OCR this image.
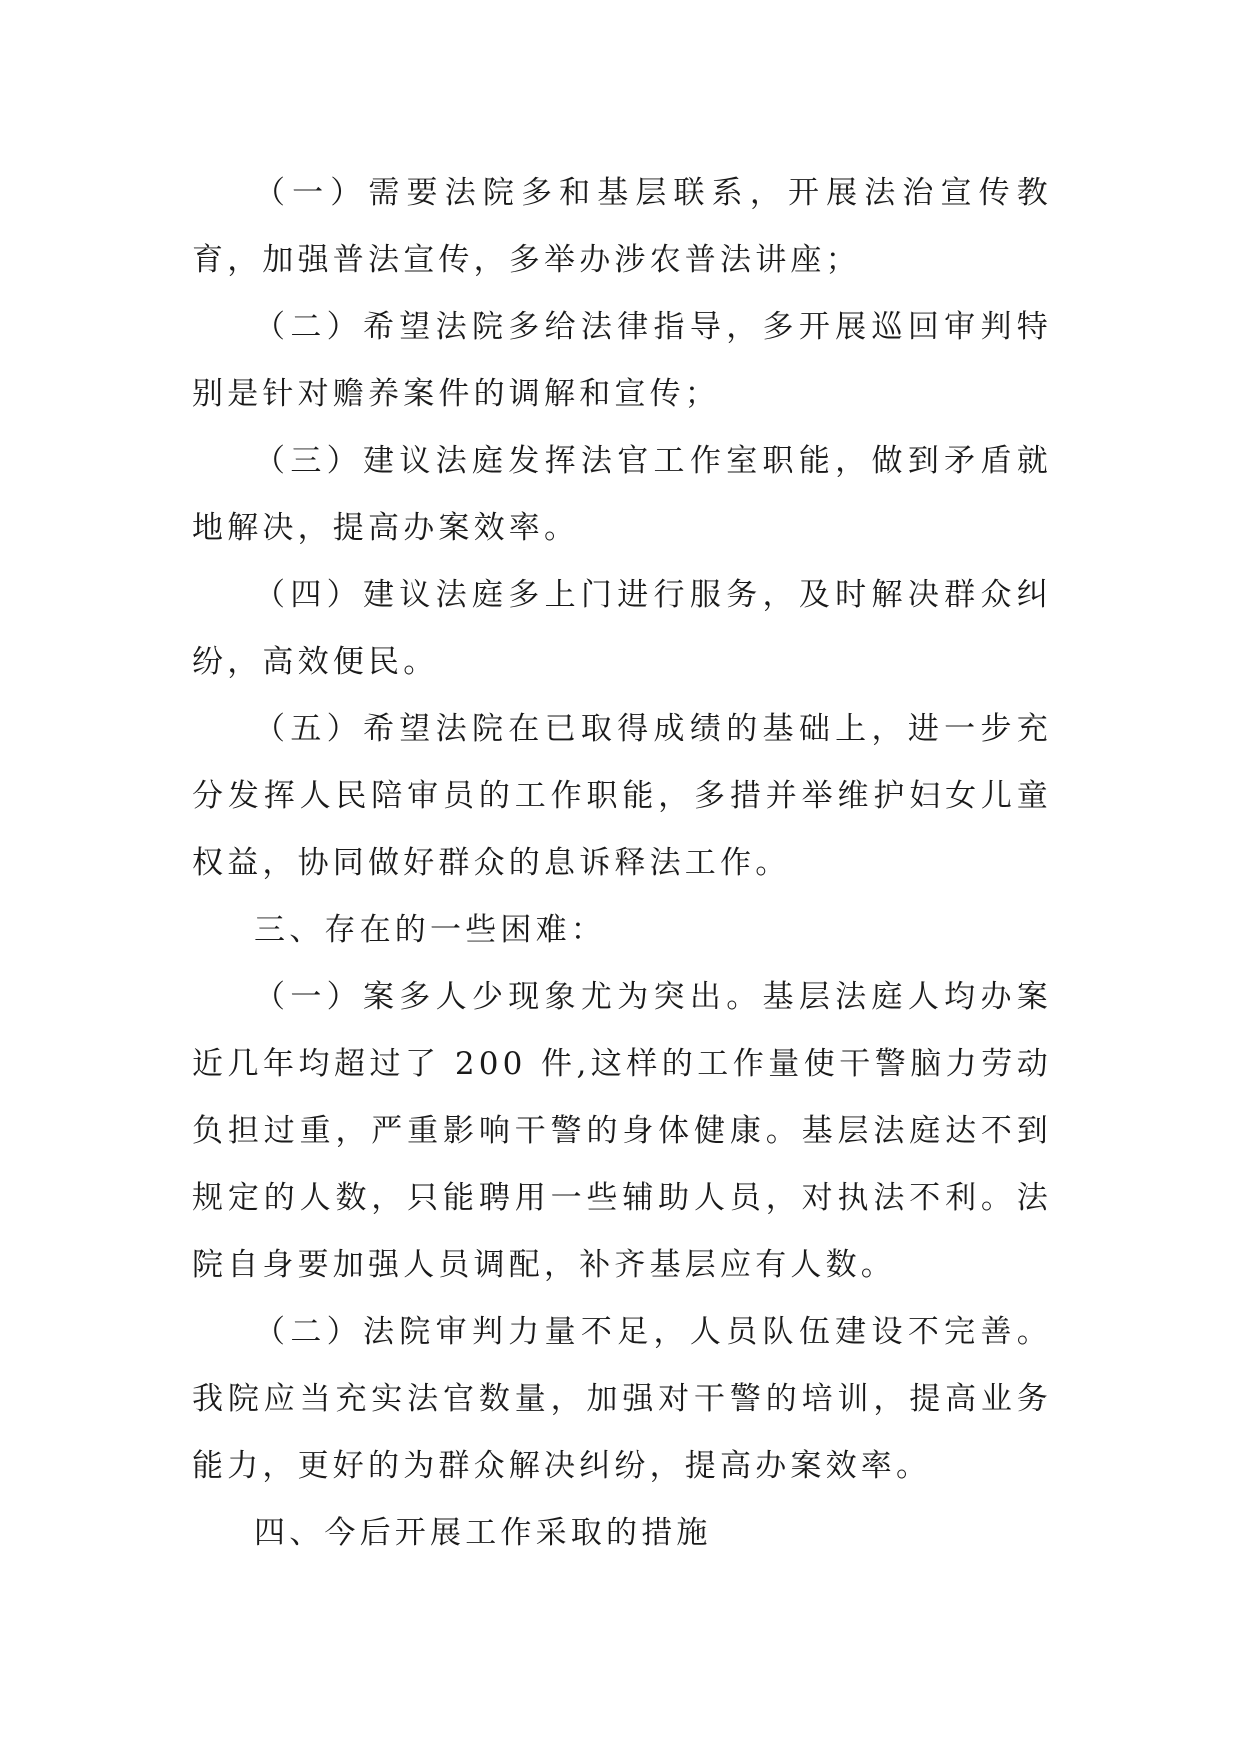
（一）需要法院多和基层联系，开展法治宣传教育，加强普法宣传，多举办涉农普法讲座；

（二）希望法院多给法律指导，多开展巡回审判特别是针对赡养案件的调解和宣传；

（三）建议法庭发挥法官工作室职能，做到矛盾就地解决，提高办案效率。

（四）建议法庭多上门进行服务，及时解决群众纠纷，高效便民。

（五）希望法院在已取得成绩的基础上，进一步充分发挥人民陪审员的工作职能，多措并举维护妇女儿童权益，协同做好群众的息诉释法工作。

三、存在的一些困难：

（一）案多人少现象尤为突出。基层法庭人均办案近几年均超过了 200 件,这样的工作量使干警脑力劳动负担过重，严重影响干警的身体健康。基层法庭达不到规定的人数，只能聘用一些辅助人员，对执法不利。法院自身要加强人员调配，补齐基层应有人数。

（二）法院审判力量不足，人员队伍建设不完善。我院应当充实法官数量，加强对干警的培训，提高业务能力，更好的为群众解决纠纷，提高办案效率。

四、今后开展工作采取的措施
